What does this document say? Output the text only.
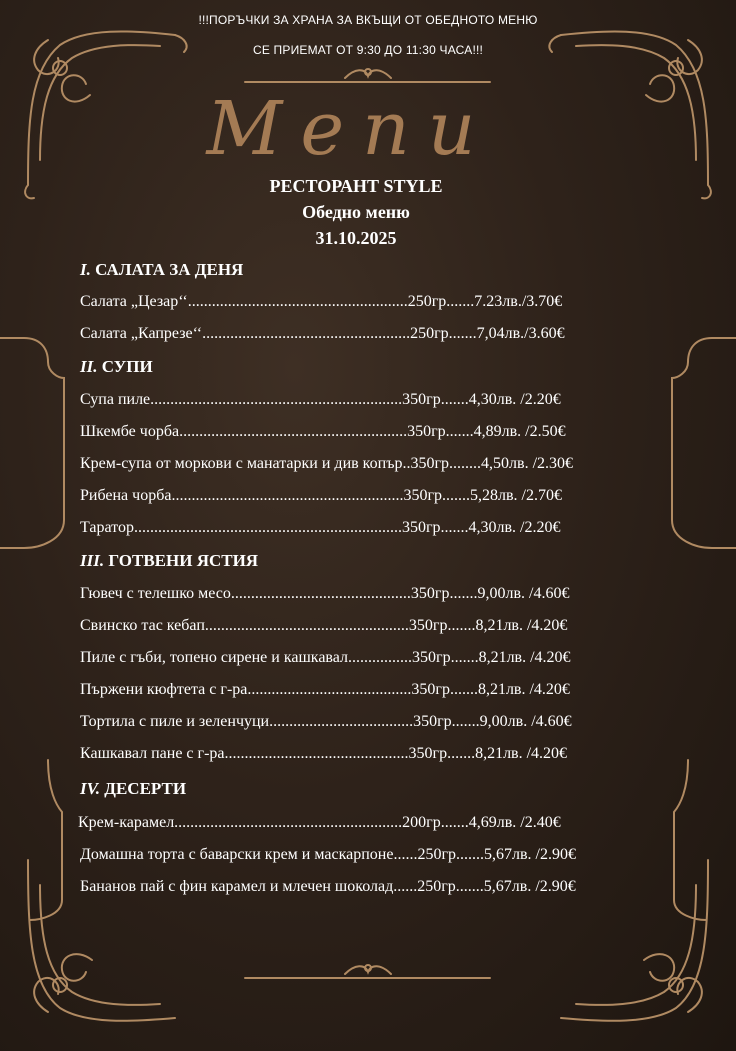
!!!ПОРЪЧКИ ЗА ХРАНА ЗА ВКЪЩИ ОТ ОБЕДНОТО МЕНЮ
СЕ ПРИЕМАТ ОТ 9:30 ДО 11:30 ЧАСА!!!
Menu
РЕСТОРАНТ STYLE
Обедно меню
31.10.2025
I. САЛАТА ЗА ДЕНЯ
Салата „Цезар‘‘.......................................................250гр.......7.23лв./3.70€
Салата „Капрезе‘‘....................................................250гр.......7,04лв./3.60€
II. СУПИ
Супа пиле...............................................................350гр.......4,30лв. /2.20€
Шкембе чорба.........................................................350гр.......4,89лв. /2.50€
Крем-супа от моркови с манатарки и див копър..350гр........4,50лв. /2.30€
Рибена чорба..........................................................350гр.......5,28лв. /2.70€
Таратор...................................................................350гр.......4,30лв. /2.20€
III. ГОТВЕНИ ЯСТИЯ
Гювеч с телешко месо.............................................350гр.......9,00лв. /4.60€
Свинско тас кебап...................................................350гр.......8,21лв. /4.20€
Пиле с гъби, топено сирене и кашкавал................350гр.......8,21лв. /4.20€
Пържени кюфтета с г-ра.........................................350гр.......8,21лв. /4.20€
Тортила с пиле и зеленчуци....................................350гр.......9,00лв. /4.60€
Кашкавал пане с г-ра..............................................350гр.......8,21лв. /4.20€
IV. ДЕСЕРТИ
Крем-карамел.........................................................200гр.......4,69лв. /2.40€
Домашна торта с баварски крем и маскарпоне......250гр.......5,67лв. /2.90€
Бананов пай с фин карамел и млечен шоколад......250гр.......5,67лв. /2.90€
